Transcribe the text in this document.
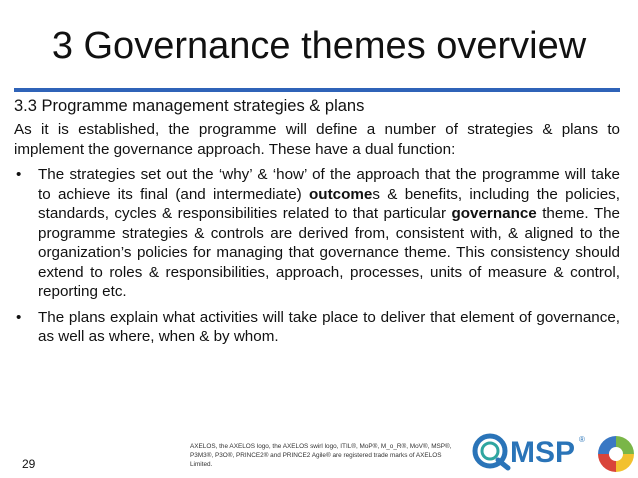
3 Governance themes overview
3.3 Programme management strategies & plans

As it is established, the programme will define a number of strategies & plans to implement the governance approach. These have a dual function:

• The strategies set out the ‘why’ & ‘how’ of the approach that the programme will take to achieve its final (and intermediate) outcomes & benefits, including the policies, standards, cycles & responsibilities related to that particular governance theme. The programme strategies & controls are derived from, consistent with, & aligned to the organization’s policies for managing that governance theme. This consistency should extend to roles & responsibilities, approach, processes, units of measure & control, reporting etc.
• The plans explain what activities will take place to deliver that element of governance, as well as where, when & by whom.
29
AXELOS, the AXELOS logo, the AXELOS swirl logo, ITIL®, MoP®, M_o_R®, MoV®, MSP®, P3M3®, P3O®, PRINCE2® and PRINCE2 Agile® are registered trade marks of AXELOS Limited.	MSP ®
